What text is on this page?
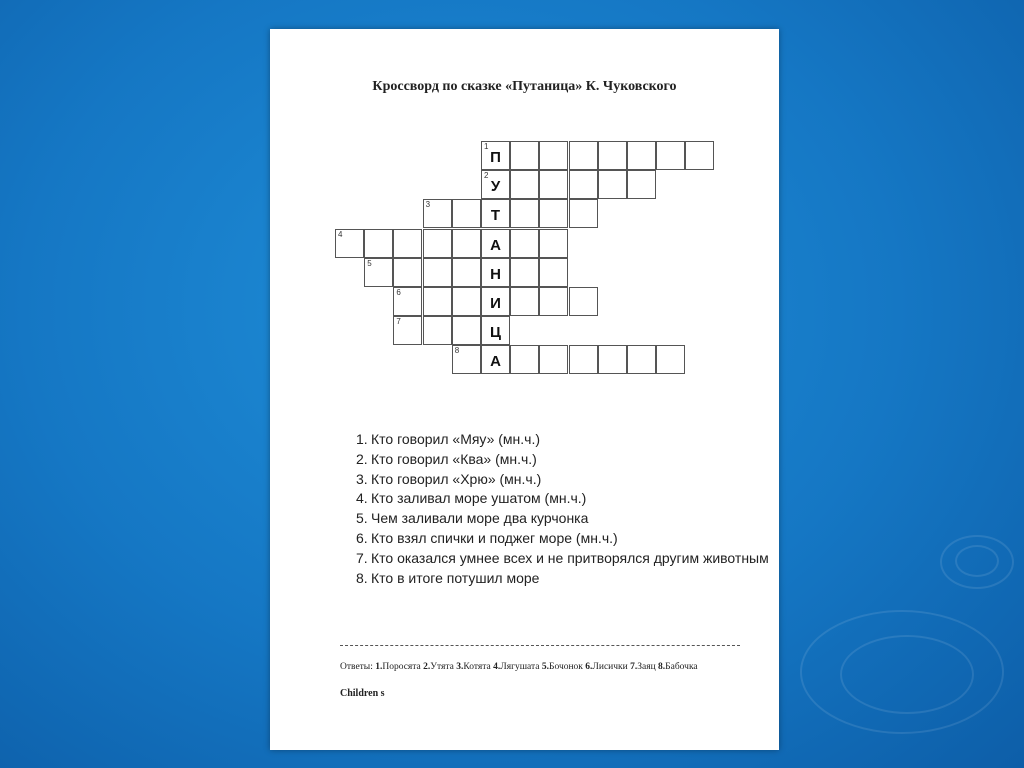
Кроссворд по сказке «Путаница» К. Чуковского
1
П
2
У
3
Т
4
А
5
Н
6
И
7
Ц
8
А
1. Кто говорил «Мяу» (мн.ч.)
2. Кто говорил «Ква» (мн.ч.)
3. Кто говорил «Хрю» (мн.ч.)
4. Кто заливал море ушатом (мн.ч.)
5. Чем заливали море два курчонка
6. Кто взял спички и поджег море (мн.ч.)
7. Кто оказался умнее всех и не притворялся другим животным
8. Кто в итоге потушил море
Ответы: 1.Поросята 2.Утята 3.Котята 4.Лягушата 5.Бочонок 6.Лисички 7.Заяц 8.Бабочка
Children s
